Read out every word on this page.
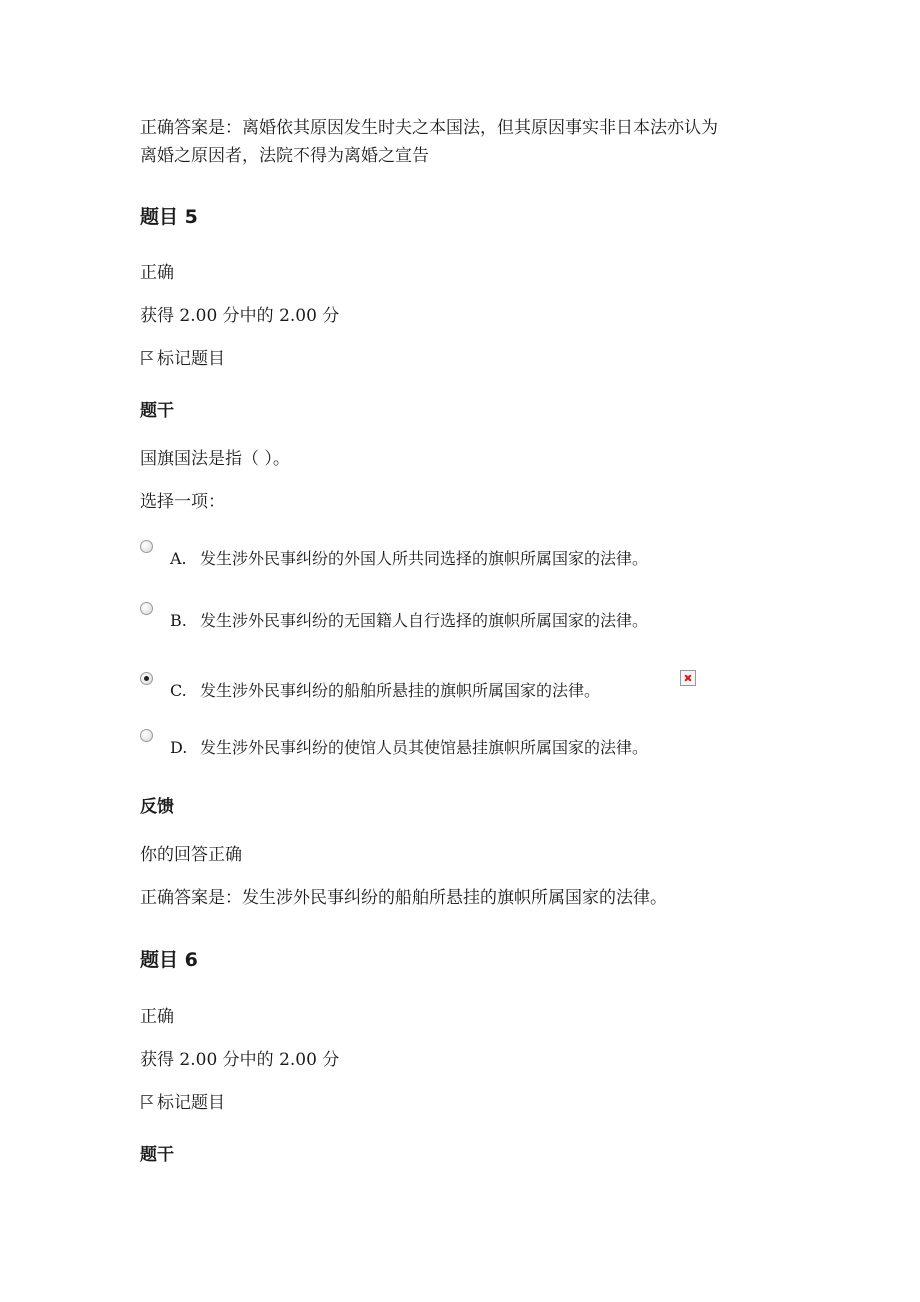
正确答案是：离婚依其原因发生时夫之本国法，但其原因事实非日本法亦认为
离婚之原因者，法院不得为离婚之宣告
题目 5
正确
获得 2.00 分中的 2.00 分
标记题目
题干
国旗国法是指（ ）。
选择一项：
A. 发生涉外民事纠纷的外国人所共同选择的旗帜所属国家的法律。
B. 发生涉外民事纠纷的无国籍人自行选择的旗帜所属国家的法律。
C. 发生涉外民事纠纷的船舶所悬挂的旗帜所属国家的法律。
D. 发生涉外民事纠纷的使馆人员其使馆悬挂旗帜所属国家的法律。
反馈
你的回答正确
正确答案是：发生涉外民事纠纷的船舶所悬挂的旗帜所属国家的法律。
题目 6
正确
获得 2.00 分中的 2.00 分
标记题目
题干
